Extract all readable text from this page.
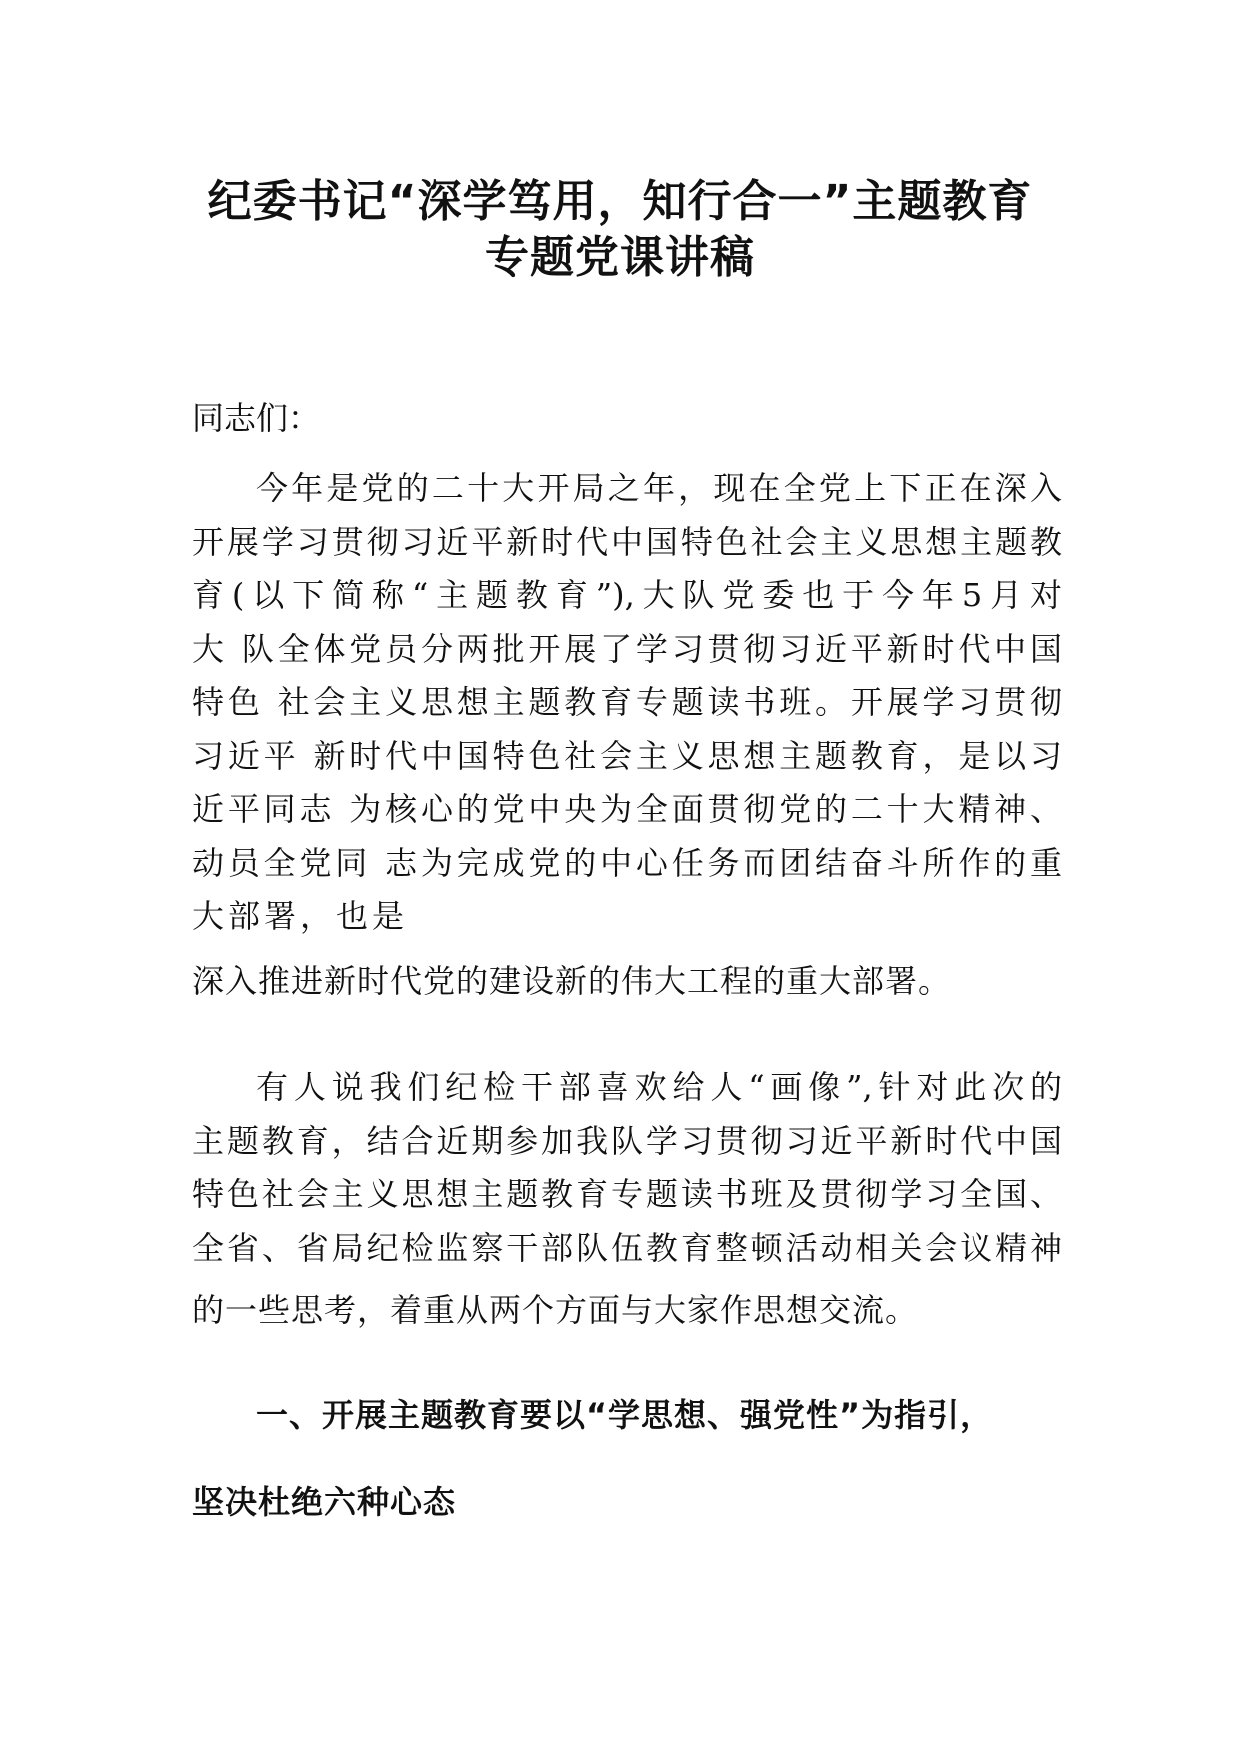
纪委书记“深学笃用，知行合一”主题教育
专题党课讲稿
同志们：
今年是党的二十大开局之年，现在全党上下正在深入
开展学习贯彻习近平新时代中国特色社会主义思想主题教
育(以下简称“主题教育”),大队党委也于今年5月对
大 队全体党员分两批开展了学习贯彻习近平新时代中国
特色 社会主义思想主题教育专题读书班。开展学习贯彻
习近平 新时代中国特色社会主义思想主题教育，是以习
近平同志 为核心的党中央为全面贯彻党的二十大精神、
动员全党同 志为完成党的中心任务而团结奋斗所作的重
大部署，也是
深入推进新时代党的建设新的伟大工程的重大部署。
有人说我们纪检干部喜欢给人“画像”,针对此次的
主题教育，结合近期参加我队学习贯彻习近平新时代中国
特色社会主义思想主题教育专题读书班及贯彻学习全国、
全省、省局纪检监察干部队伍教育整顿活动相关会议精神
的一些思考，着重从两个方面与大家作思想交流。
一、开展主题教育要以“学思想、强党性”为指引，
坚决杜绝六种心态
